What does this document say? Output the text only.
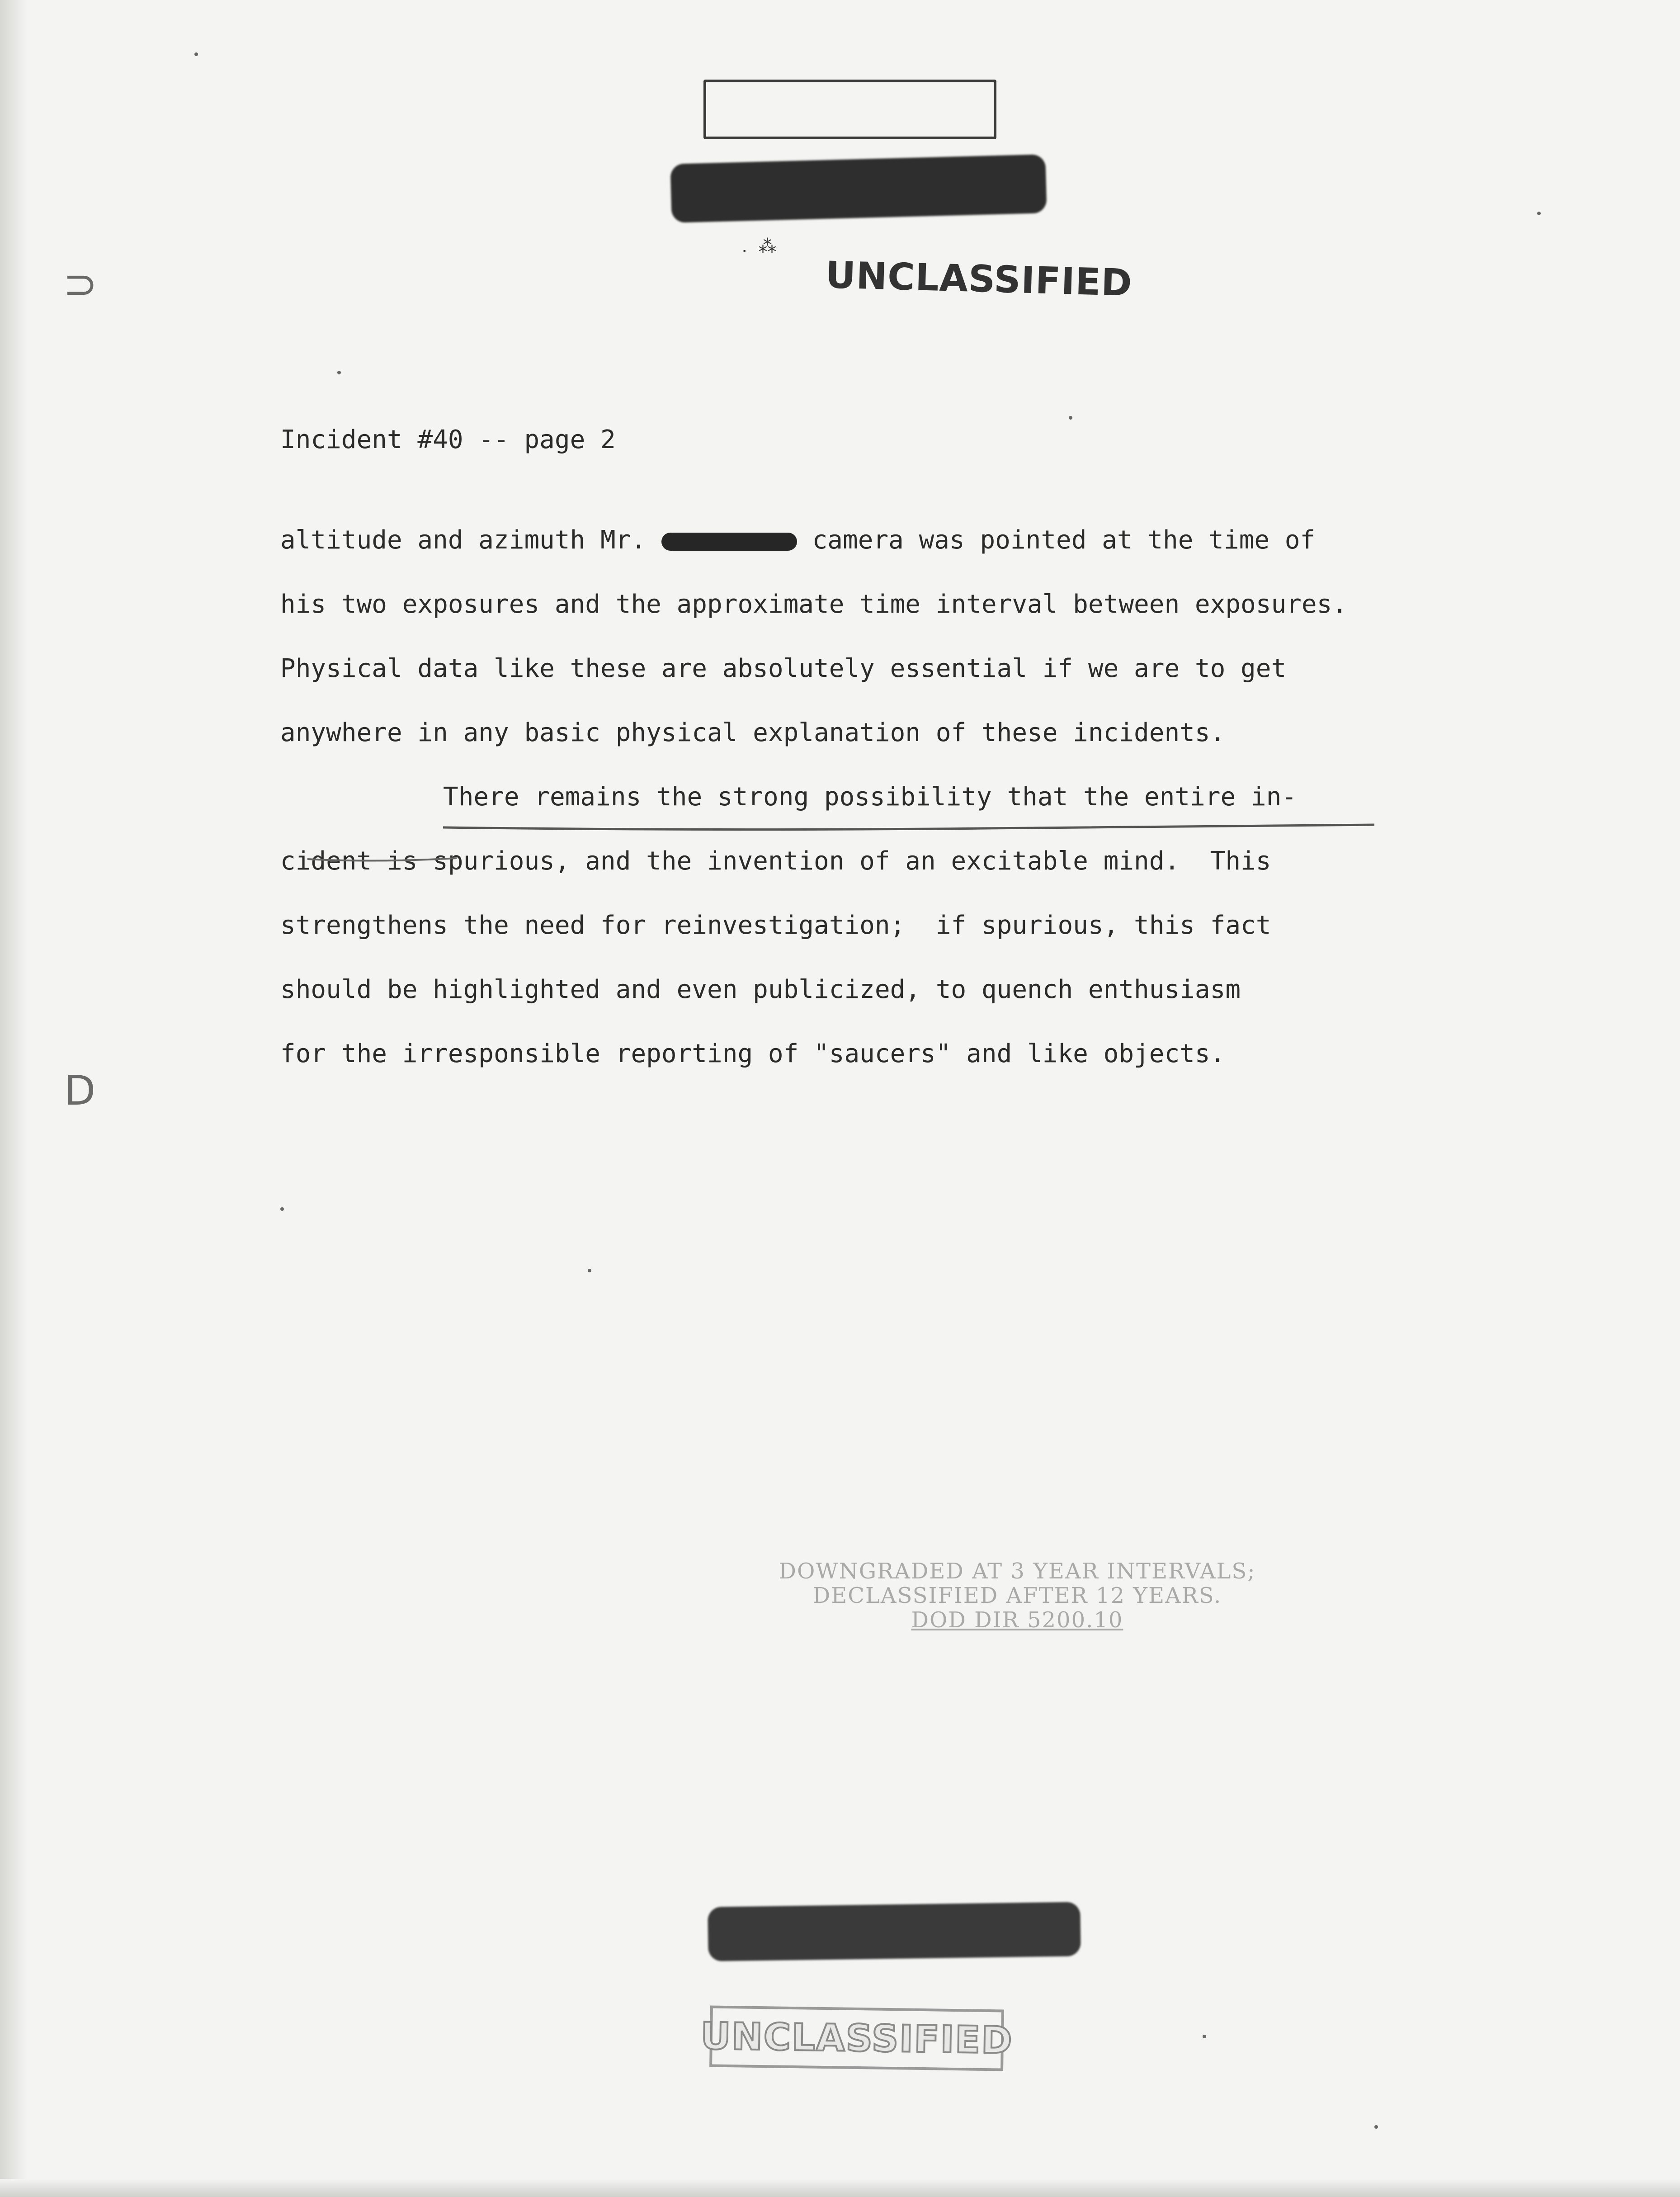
․ ⁂
UNCLASSIFIED
⊃
D
Incident #40 -- page 2
altitude and azimuth Mr.	camera was pointed at the time of
his two exposures and the approximate time interval between exposures.
Physical data like these are absolutely essential if we are to get
anywhere in any basic physical explanation of these incidents.
There remains the strong possibility that the entire in-
cident is spurious, and the invention of an excitable mind.  This
strengthens the need for reinvestigation;  if spurious, this fact
should be highlighted and even publicized, to quench enthusiasm
for the irresponsible reporting of "saucers" and like objects.
DOWNGRADED AT 3 YEAR INTERVALS;
DECLASSIFIED AFTER 12 YEARS.
DOD DIR 5200.10
UNCLASSIFIED
